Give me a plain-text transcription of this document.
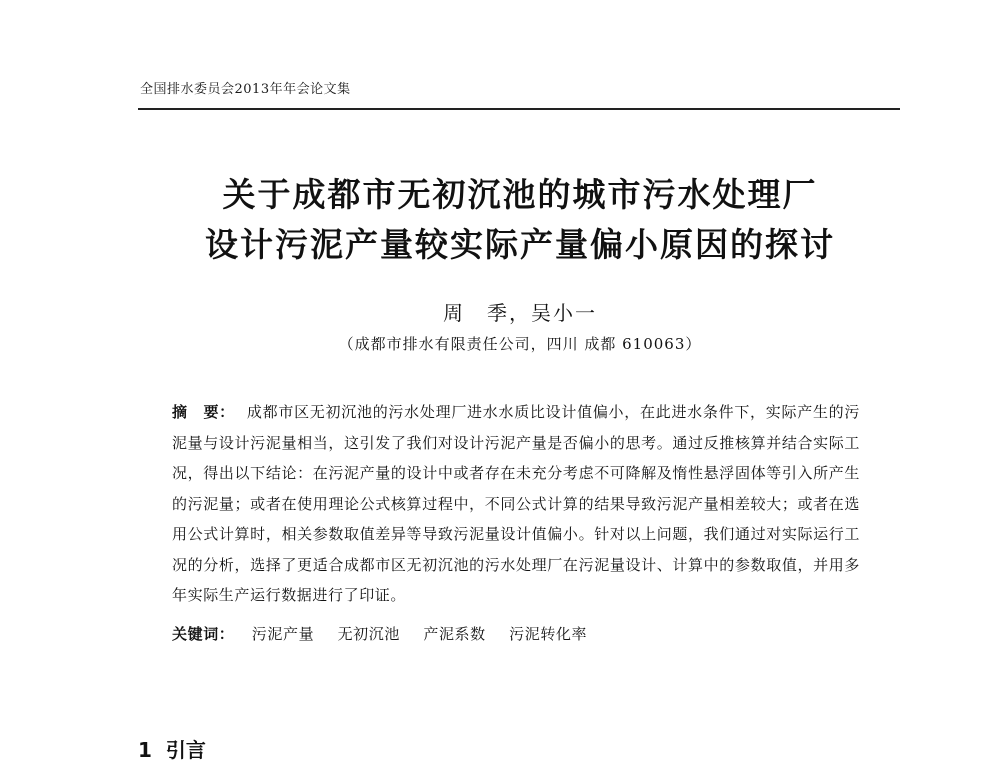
全国排水委员会2013年年会论文集
关于成都市无初沉池的城市污水处理厂
设计污泥产量较实际产量偏小原因的探讨
周　季，吴小一
（成都市排水有限责任公司，四川 成都 610063）
摘　要： 成都市区无初沉池的污水处理厂进水水质比设计值偏小，在此进水条件下，实际产生的污泥量与设计污泥量相当，这引发了我们对设计污泥产量是否偏小的思考。通过反推核算并结合实际工况，得出以下结论：在污泥产量的设计中或者存在未充分考虑不可降解及惰性悬浮固体等引入所产生的污泥量；或者在使用理论公式核算过程中，不同公式计算的结果导致污泥产量相差较大；或者在选用公式计算时，相关参数取值差异等导致污泥量设计值偏小。针对以上问题，我们通过对实际运行工况的分析，选择了更适合成都市区无初沉池的污水处理厂在污泥量设计、计算中的参数取值，并用多年实际生产运行数据进行了印证。
关键词： 污泥产量 无初沉池 产泥系数 污泥转化率
1 引言
